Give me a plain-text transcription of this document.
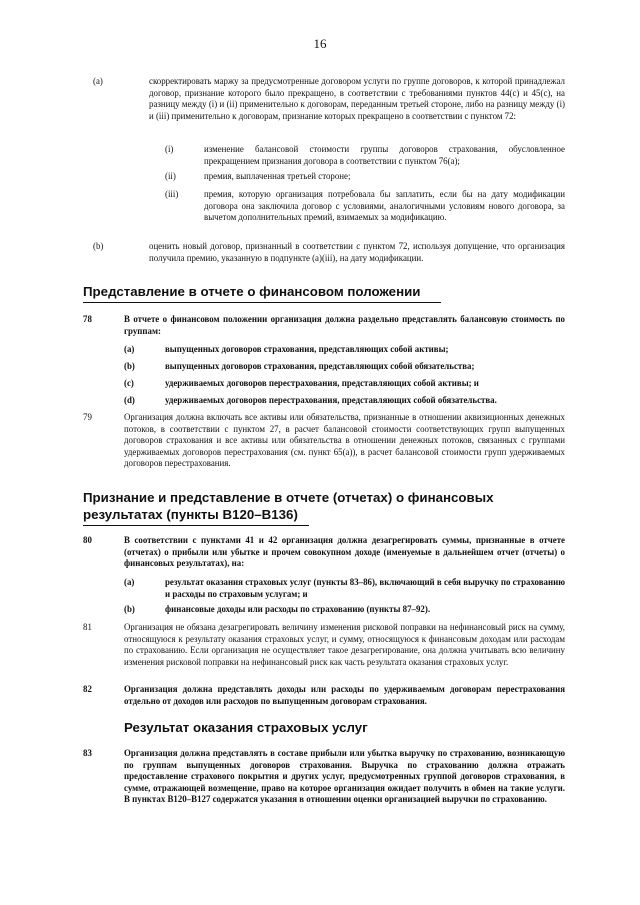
16
(a)	скорректировать маржу за предусмотренные договором услуги по группе договоров, к которой принадлежал договор, признание которого было прекращено, в соответствии с требованиями пунктов 44(с) и 45(с), на разницу между (i) и (ii) применительно к договорам, переданным третьей стороне, либо на разницу между (i) и (iii) применительно к договорам, признание которых прекращено в соответствии с пунктом 72:
(i)	изменение балансовой стоимости группы договоров страхования, обусловленное прекращением признания договора в соответствии с пунктом 76(а);
(ii)	премия, выплаченная третьей стороне;
(iii)	премия, которую организация потребовала бы заплатить, если бы на дату модификации договора она заключила договор с условиями, аналогичными условиям нового договора, за вычетом дополнительных премий, взимаемых за модификацию.
(b)	оценить новый договор, признанный в соответствии с пунктом 72, используя допущение, что организация получила премию, указанную в подпункте (а)(iii), на дату модификации.
Представление в отчете о финансовом положении
78	В отчете о финансовом положении организация должна раздельно представлять балансовую стоимость по группам:
(a)	выпущенных договоров страхования, представляющих собой активы;
(b)	выпущенных договоров страхования, представляющих собой обязательства;
(c)	удерживаемых договоров перестрахования, представляющих собой активы; и
(d)	удерживаемых договоров перестрахования, представляющих собой обязательства.
79	Организация должна включать все активы или обязательства, признанные в отношении аквизиционных денежных потоков, в соответствии с пунктом 27, в расчет балансовой стоимости соответствующих групп выпущенных договоров страхования и все активы или обязательства в отношении денежных потоков, связанных с группами удерживаемых договоров перестрахования (см. пункт 65(а)), в расчет балансовой стоимости групп удерживаемых договоров перестрахования.
Признание и представление в отчете (отчетах) о финансовых
результатах (пункты В120–В136)
80	В соответствии с пунктами 41 и 42 организация должна дезагрегировать суммы, признанные в отчете (отчетах) о прибыли или убытке и прочем совокупном доходе (именуемые в дальнейшем отчет (отчеты) о финансовых результатах), на:
(a)	результат оказания страховых услуг (пункты 83–86), включающий в себя выручку по страхованию и расходы по страховым услугам; и
(b)	финансовые доходы или расходы по страхованию (пункты 87–92).
81	Организация не обязана дезагрегировать величину изменения рисковой поправки на нефинансовый риск на сумму, относящуюся к результату оказания страховых услуг, и сумму, относящуюся к финансовым доходам или расходам по страхованию. Если организация не осуществляет такое дезагрегирование, она должна учитывать всю величину изменения рисковой поправки на нефинансовый риск как часть результата оказания страховых услуг.
82	Организация должна представлять доходы или расходы по удерживаемым договорам перестрахования отдельно от доходов или расходов по выпущенным договорам страхования.
Результат оказания страховых услуг
83	Организация должна представлять в составе прибыли или убытка выручку по страхованию, возникающую по группам выпущенных договоров страхования. Выручка по страхованию должна отражать предоставление страхового покрытия и других услуг, предусмотренных группой договоров страхования, в сумме, отражающей возмещение, право на которое организация ожидает получить в обмен на такие услуги. В пунктах В120–В127 содержатся указания в отношении оценки организацией выручки по страхованию.
